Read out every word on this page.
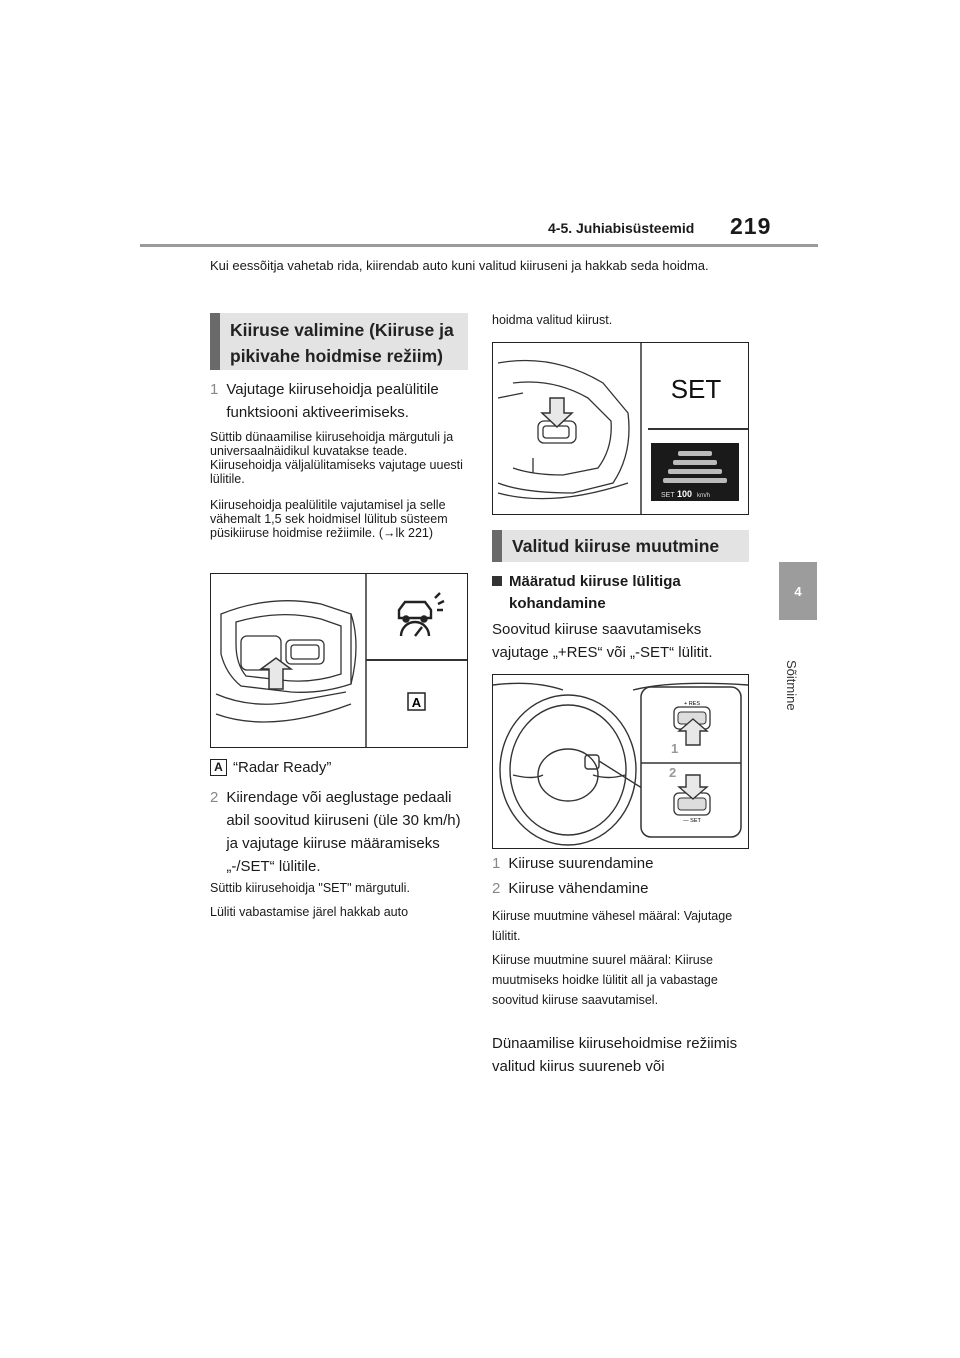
4-5. Juhiabisüsteemid 219
4
Sõitmine
Kui eessõitja vahetab rida, kiirendab auto kuni valitud kiiruseni ja hakkab seda hoidma.
Kiiruse valimine (Kiiruse ja pikivahe hoidmise režiim)
1 Vajutage kiirusehoidja pealülitile funktsiooni aktiveerimiseks.
Süttib dünaamilise kiirusehoidja märgutuli ja universaalnäidikul kuvatakse teade. Kiirusehoidja väljalülitamiseks vajutage uuesti lülitile.
Kiirusehoidja pealülitile vajutamisel ja selle vähemalt 1,5 sek hoidmisel lülitub süsteem püsikiiruse hoidmise režiimile. (→lk 221)
A
A “Radar Ready”
2 Kiirendage või aeglustage pedaali abil soovitud kiiruseni (üle 30 km/h) ja vajutage kiiruse määramiseks „-/SET“ lülitile.
Süttib kiirusehoidja "SET" märgutuli.
Lüliti vabastamise järel hakkab auto
hoidma valitud kiirust.
SET
SET 100 km/h
Valitud kiiruse muutmine
Määratud kiiruse lülitiga kohandamine
Soovitud kiiruse saavutamiseks vajutage „+RES“ või „-SET“ lülitit.
+ RES
1
2
— SET
1 Kiiruse suurendamine
2 Kiiruse vähendamine
Kiiruse muutmine vähesel määral: Vajutage lülitit.
Kiiruse muutmine suurel määral: Kiiruse muutmiseks hoidke lülitit all ja vabastage soovitud kiiruse saavutamisel.
Dünaamilise kiirusehoidmise režiimis valitud kiirus suureneb või
